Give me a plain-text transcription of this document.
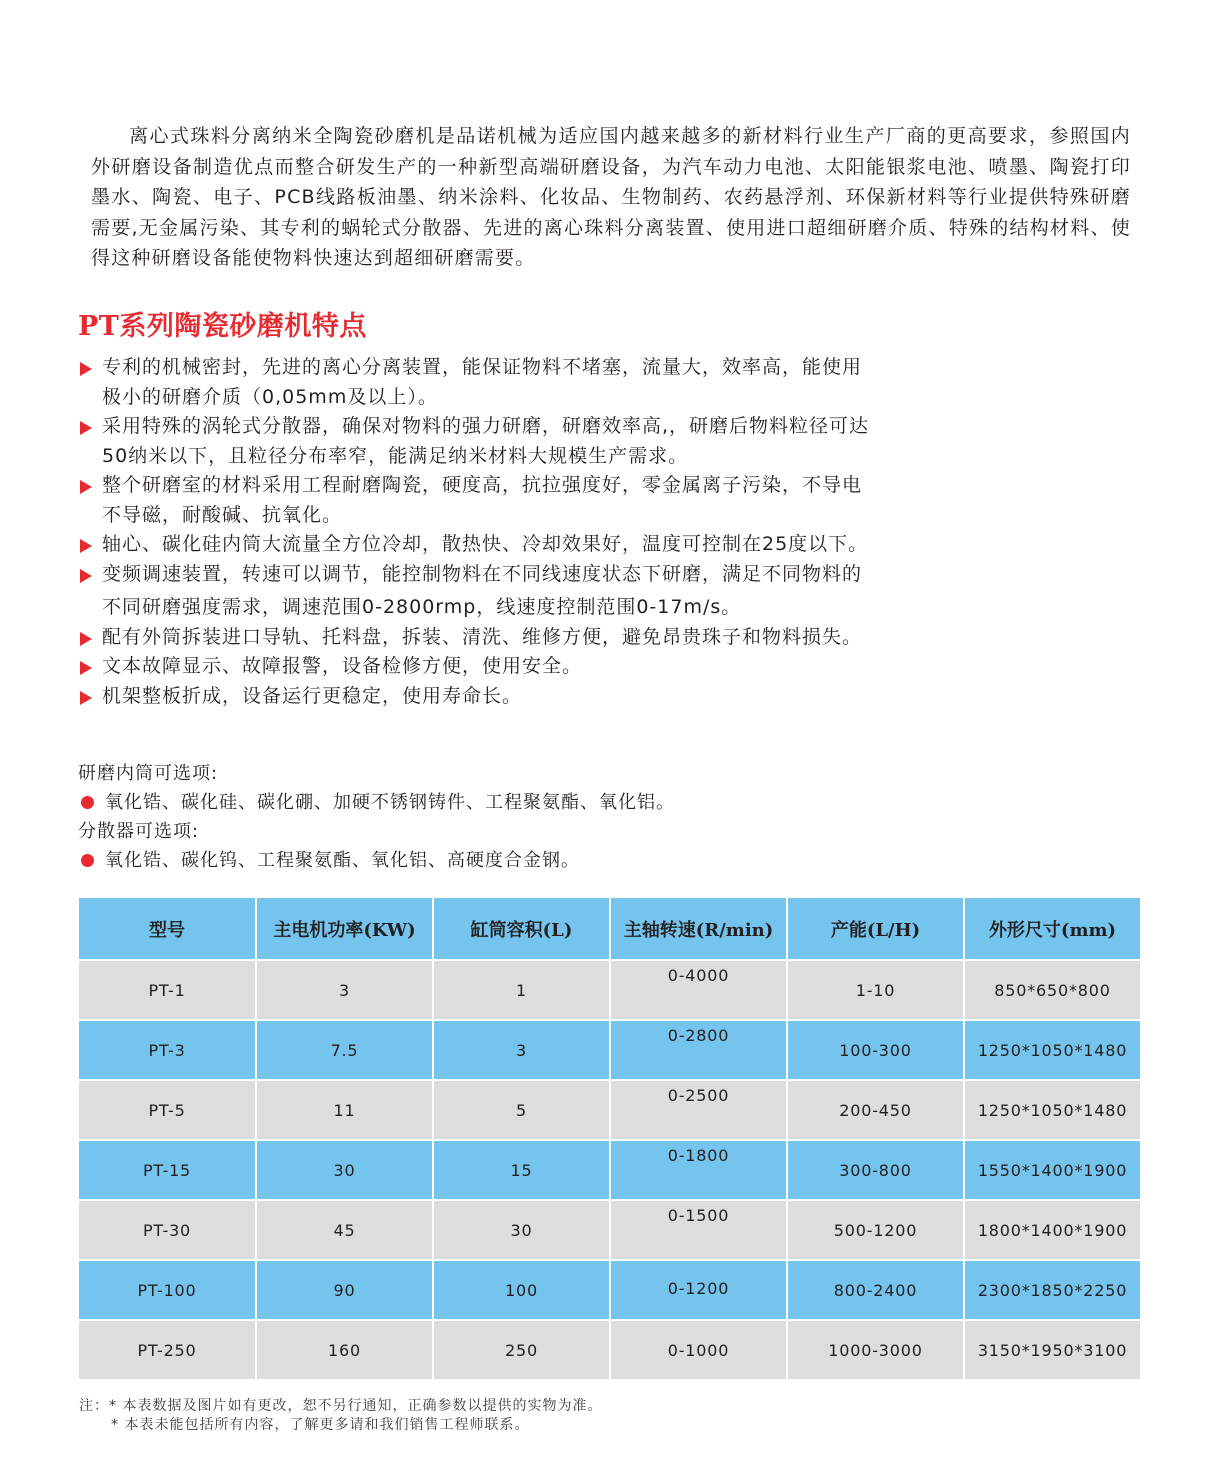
离心式珠料分离纳米全陶瓷砂磨机是品诺机械为适应国内越来越多的新材料行业生产厂商的更高要求，参照国内外研磨设备制造优点而整合研发生产的一种新型高端研磨设备，为汽车动力电池、太阳能银浆电池、喷墨、陶瓷打印墨水、陶瓷、电子、PCB线路板油墨、纳米涂料、化妆品、生物制药、农药悬浮剂、环保新材料等行业提供特殊研磨需要,无金属污染、其专利的蜗轮式分散器、先进的离心珠料分离装置、使用进口超细研磨介质、特殊的结构材料、使得这种研磨设备能使物料快速达到超细研磨需要。
PT系列陶瓷砂磨机特点
专利的机械密封，先进的离心分离装置，能保证物料不堵塞，流量大，效率高，能使用
极小的研磨介质（0,05mm及以上）。
采用特殊的涡轮式分散器，确保对物料的强力研磨，研磨效率高,，研磨后物料粒径可达
50纳米以下，且粒径分布率窄，能满足纳米材料大规模生产需求。
整个研磨室的材料采用工程耐磨陶瓷，硬度高，抗拉强度好，零金属离子污染，不导电
不导磁，耐酸碱、抗氧化。
轴心、碳化硅内筒大流量全方位冷却，散热快、冷却效果好，温度可控制在25度以下。
变频调速装置，转速可以调节，能控制物料在不同线速度状态下研磨，满足不同物料的
不同研磨强度需求，调速范围0-2800rmp，线速度控制范围0-17m/s。
配有外筒拆装进口导轨、托料盘，拆装、清洗、维修方便，避免昂贵珠子和物料损失。
文本故障显示、故障报警，设备检修方便，使用安全。
机架整板折成，设备运行更稳定，使用寿命长。
研磨内筒可选项:
氧化锆、碳化硅、碳化硼、加硬不锈钢铸件、工程聚氨酯、氧化铝。
分散器可选项:
氧化锆、碳化钨、工程聚氨酯、氧化铝、高硬度合金钢。
型号	主电机功率(KW)	缸筒容积(L)	主轴转速(R/min)	产能(L/H)	外形尺寸(mm)
PT-1	3	1	0-4000	1-10	850*650*800
PT-3	7.5	3	0-2800	100-300	1250*1050*1480
PT-5	11	5	0-2500	200-450	1250*1050*1480
PT-15	30	15	0-1800	300-800	1550*1400*1900
PT-30	45	30	0-1500	500-1200	1800*1400*1900
PT-100	90	100	0-1200	800-2400	2300*1850*2250
PT-250	160	250	0-1000	1000-3000	3150*1950*3100
注：* 本表数据及图片如有更改，恕不另行通知，正确参数以提供的实物为准。
* 本表未能包括所有内容，了解更多请和我们销售工程师联系。
